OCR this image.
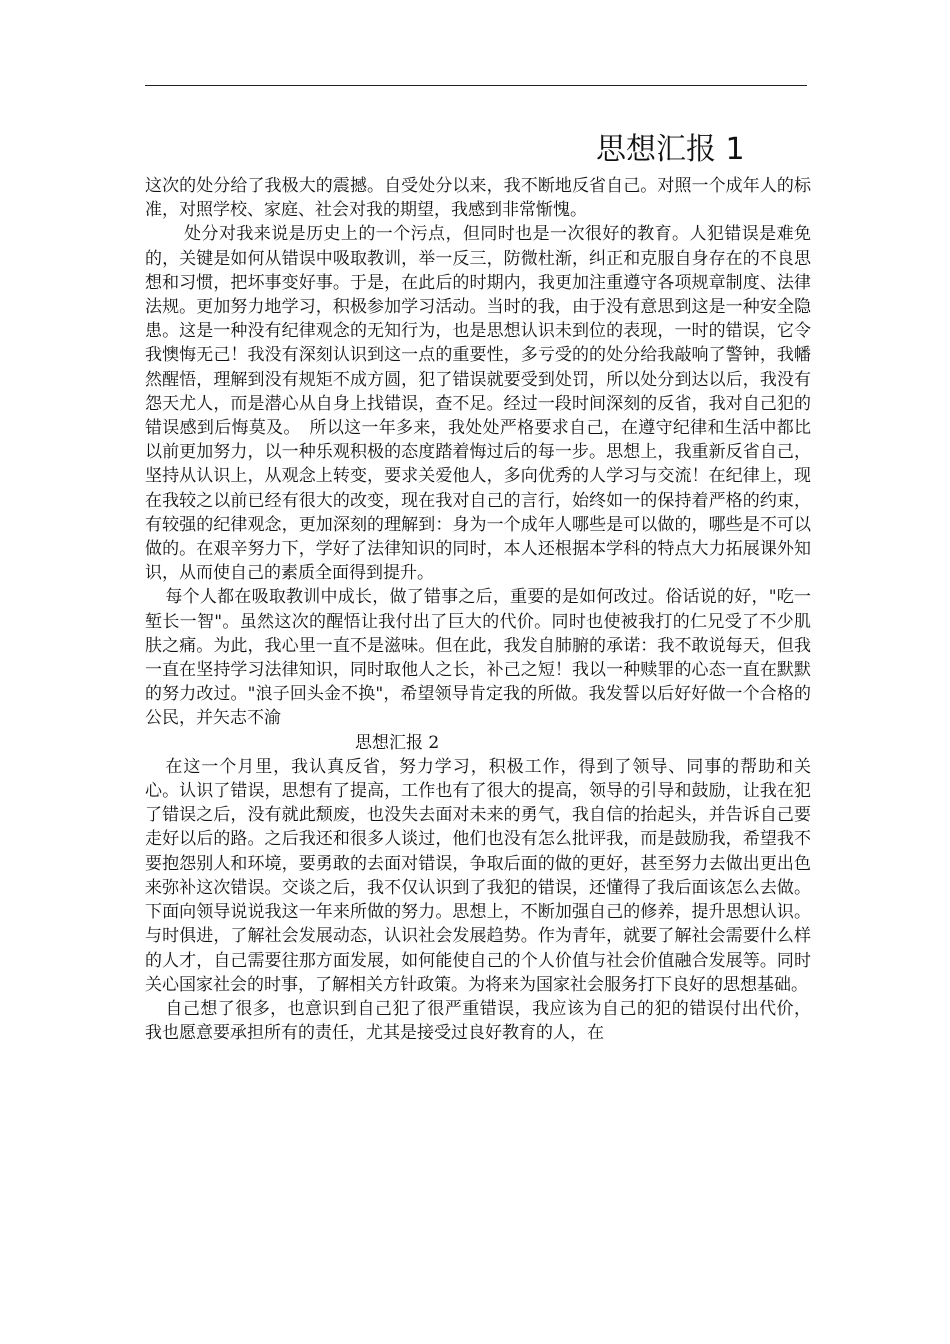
思想汇报 1

这次的处分给了我极大的震撼。自受处分以来，我不断地反省自己。对照一个成年人的标准，对照学校、家庭、社会对我的期望，我感到非常惭愧。

处分对我来说是历史上的一个污点，但同时也是一次很好的教育。人犯错误是难免的，关键是如何从错误中吸取教训，举一反三，防微杜渐，纠正和克服自身存在的不良思想和习惯，把坏事变好事。于是，在此后的时期内，我更加注重遵守各项规章制度、法律法规。更加努力地学习，积极参加学习活动。当时的我，由于没有意思到这是一种安全隐患。这是一种没有纪律观念的无知行为，也是思想认识未到位的表现，一时的错误，它令我懊悔无己！我没有深刻认识到这一点的重要性，多亏受的的处分给我敲响了警钟，我幡然醒悟，理解到没有规矩不成方圆，犯了错误就要受到处罚，所以处分到达以后，我没有怨天尤人，而是潜心从自身上找错误，查不足。经过一段时间深刻的反省，我对自己犯的错误感到后悔莫及。　所以这一年多来，我处处严格要求自己，在遵守纪律和生活中都比以前更加努力，以一种乐观积极的态度踏着悔过后的每一步。思想上，我重新反省自己，坚持从认识上，从观念上转变，要求关爱他人，多向优秀的人学习与交流！在纪律上，现在我较之以前已经有很大的改变，现在我对自己的言行，始终如一的保持着严格的约束，有较强的纪律观念，更加深刻的理解到：身为一个成年人哪些是可以做的，哪些是不可以做的。在艰辛努力下，学好了法律知识的同时，本人还根据本学科的特点大力拓展课外知识，从而使自己的素质全面得到提升。

每个人都在吸取教训中成长，做了错事之后，重要的是如何改过。俗话说的好，"吃一堑长一智"。虽然这次的醒悟让我付出了巨大的代价。同时也使被我打的仁兄受了不少肌肤之痛。为此，我心里一直不是滋味。但在此，我发自肺腑的承诺：我不敢说每天，但我一直在坚持学习法律知识，同时取他人之长，补己之短！我以一种赎罪的心态一直在默默的努力改过。"浪子回头金不换"，希望领导肯定我的所做。我发誓以后好好做一个合格的公民，并矢志不渝

思想汇报 2

在这一个月里，我认真反省，努力学习，积极工作，得到了领导、同事的帮助和关心。认识了错误，思想有了提高，工作也有了很大的提高，领导的引导和鼓励，让我在犯了错误之后，没有就此颓废，也没失去面对未来的勇气，我自信的抬起头，并告诉自己要走好以后的路。之后我还和很多人谈过，他们也没有怎么批评我，而是鼓励我，希望我不要抱怨别人和环境，要勇敢的去面对错误，争取后面的做的更好，甚至努力去做出更出色来弥补这次错误。交谈之后，我不仅认识到了我犯的错误，还懂得了我后面该怎么去做。下面向领导说说我这一年来所做的努力。思想上，不断加强自己的修养，提升思想认识。与时俱进，了解社会发展动态，认识社会发展趋势。作为青年，就要了解社会需要什么样的人才，自己需要往那方面发展，如何能使自己的个人价值与社会价值融合发展等。同时关心国家社会的时事，了解相关方针政策。为将来为国家社会服务打下良好的思想基础。

自己想了很多，也意识到自己犯了很严重错误，我应该为自己的犯的错误付出代价，我也愿意要承担所有的责任，尤其是接受过良好教育的人，在
